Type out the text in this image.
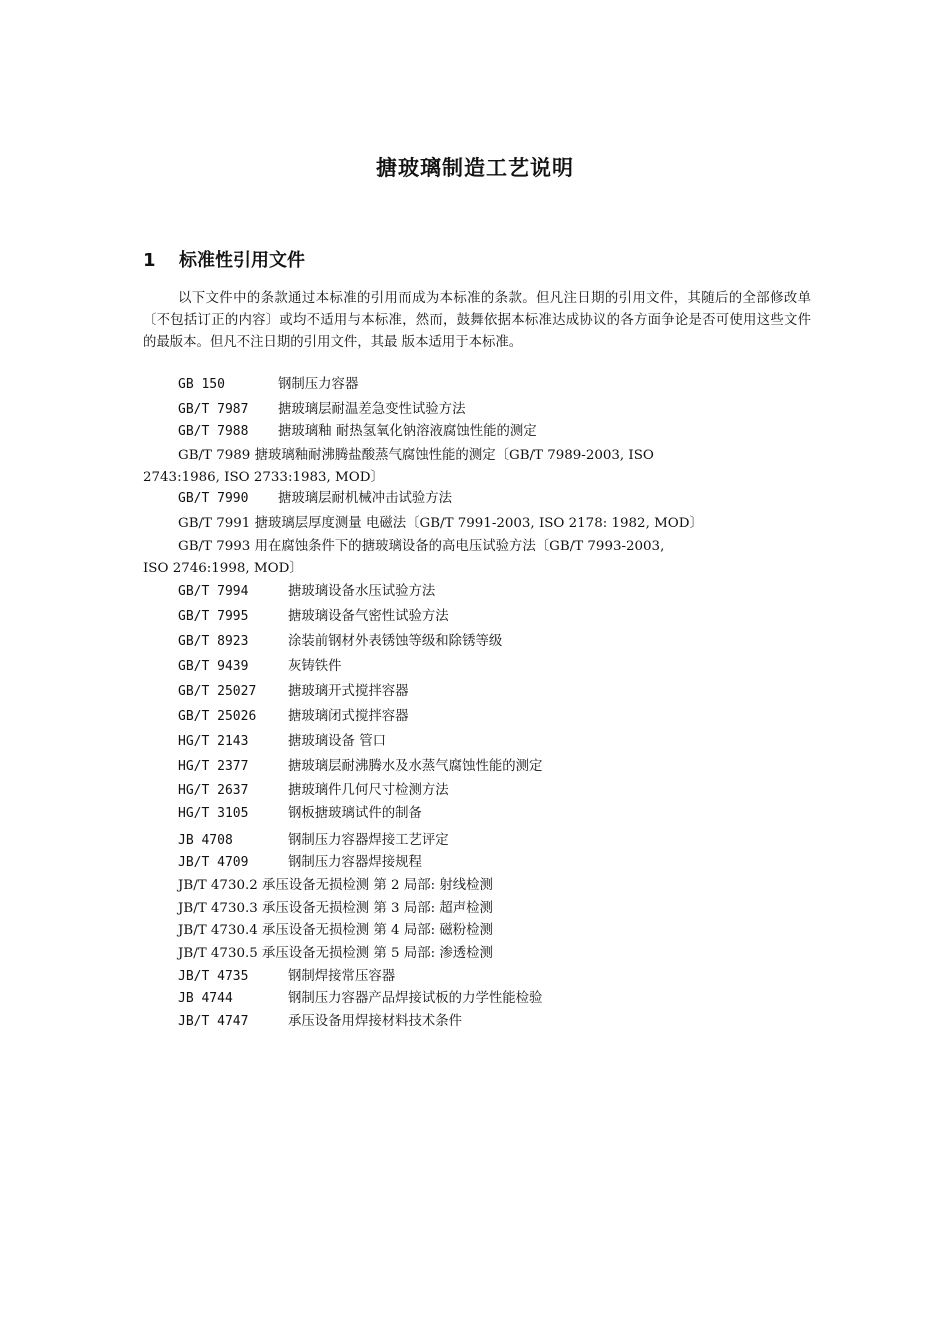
搪玻璃制造工艺说明
1 标准性引用文件
以下文件中的条款通过本标准的引用而成为本标准的条款。但凡注日期的引用文件，其随后的全部修改单〔不包括订正的内容〕或均不适用与本标准，然而，鼓舞依据本标准达成协议的各方面争论是否可使用这些文件的最版本。但凡不注日期的引用文件，其最 版本适用于本标准。
GB 150	钢制压力容器
GB/T 7987 搪玻璃层耐温差急变性试验方法
GB/T 7988 搪玻璃釉 耐热氢氧化钠溶液腐蚀性能的测定
GB/T 7989 搪玻璃釉耐沸腾盐酸蒸气腐蚀性能的测定〔GB/T 7989-2003, ISO
2743:1986, ISO 2733:1983, MOD〕
GB/T 7990 搪玻璃层耐机械冲击试验方法
GB/T 7991 搪玻璃层厚度测量 电磁法〔GB/T 7991-2003, ISO 2178: 1982, MOD〕
GB/T 7993 用在腐蚀条件下的搪玻璃设备的高电压试验方法〔GB/T 7993-2003,
ISO 2746:1998, MOD〕
GB/T 7994	搪玻璃设备水压试验方法
GB/T 7995	搪玻璃设备气密性试验方法
GB/T 8923	涂装前钢材外表锈蚀等级和除锈等级
GB/T 9439	灰铸铁件
GB/T 25027 搪玻璃开式搅拌容器
GB/T 25026 搪玻璃闭式搅拌容器
HG/T 2143	搪玻璃设备 管口
HG/T 2377	搪玻璃层耐沸腾水及水蒸气腐蚀性能的测定
HG/T 2637	搪玻璃件几何尺寸检测方法
HG/T 3105	钢板搪玻璃试件的制备
JB 4708	钢制压力容器焊接工艺评定
JB/T 4709	钢制压力容器焊接规程
JB/T 4730.2 承压设备无损检测 第 2 局部: 射线检测
JB/T 4730.3 承压设备无损检测 第 3 局部: 超声检测
JB/T 4730.4 承压设备无损检测 第 4 局部: 磁粉检测
JB/T 4730.5 承压设备无损检测 第 5 局部: 渗透检测
JB/T 4735	钢制焊接常压容器
JB 4744	钢制压力容器产品焊接试板的力学性能检验
JB/T 4747	承压设备用焊接材料技术条件
